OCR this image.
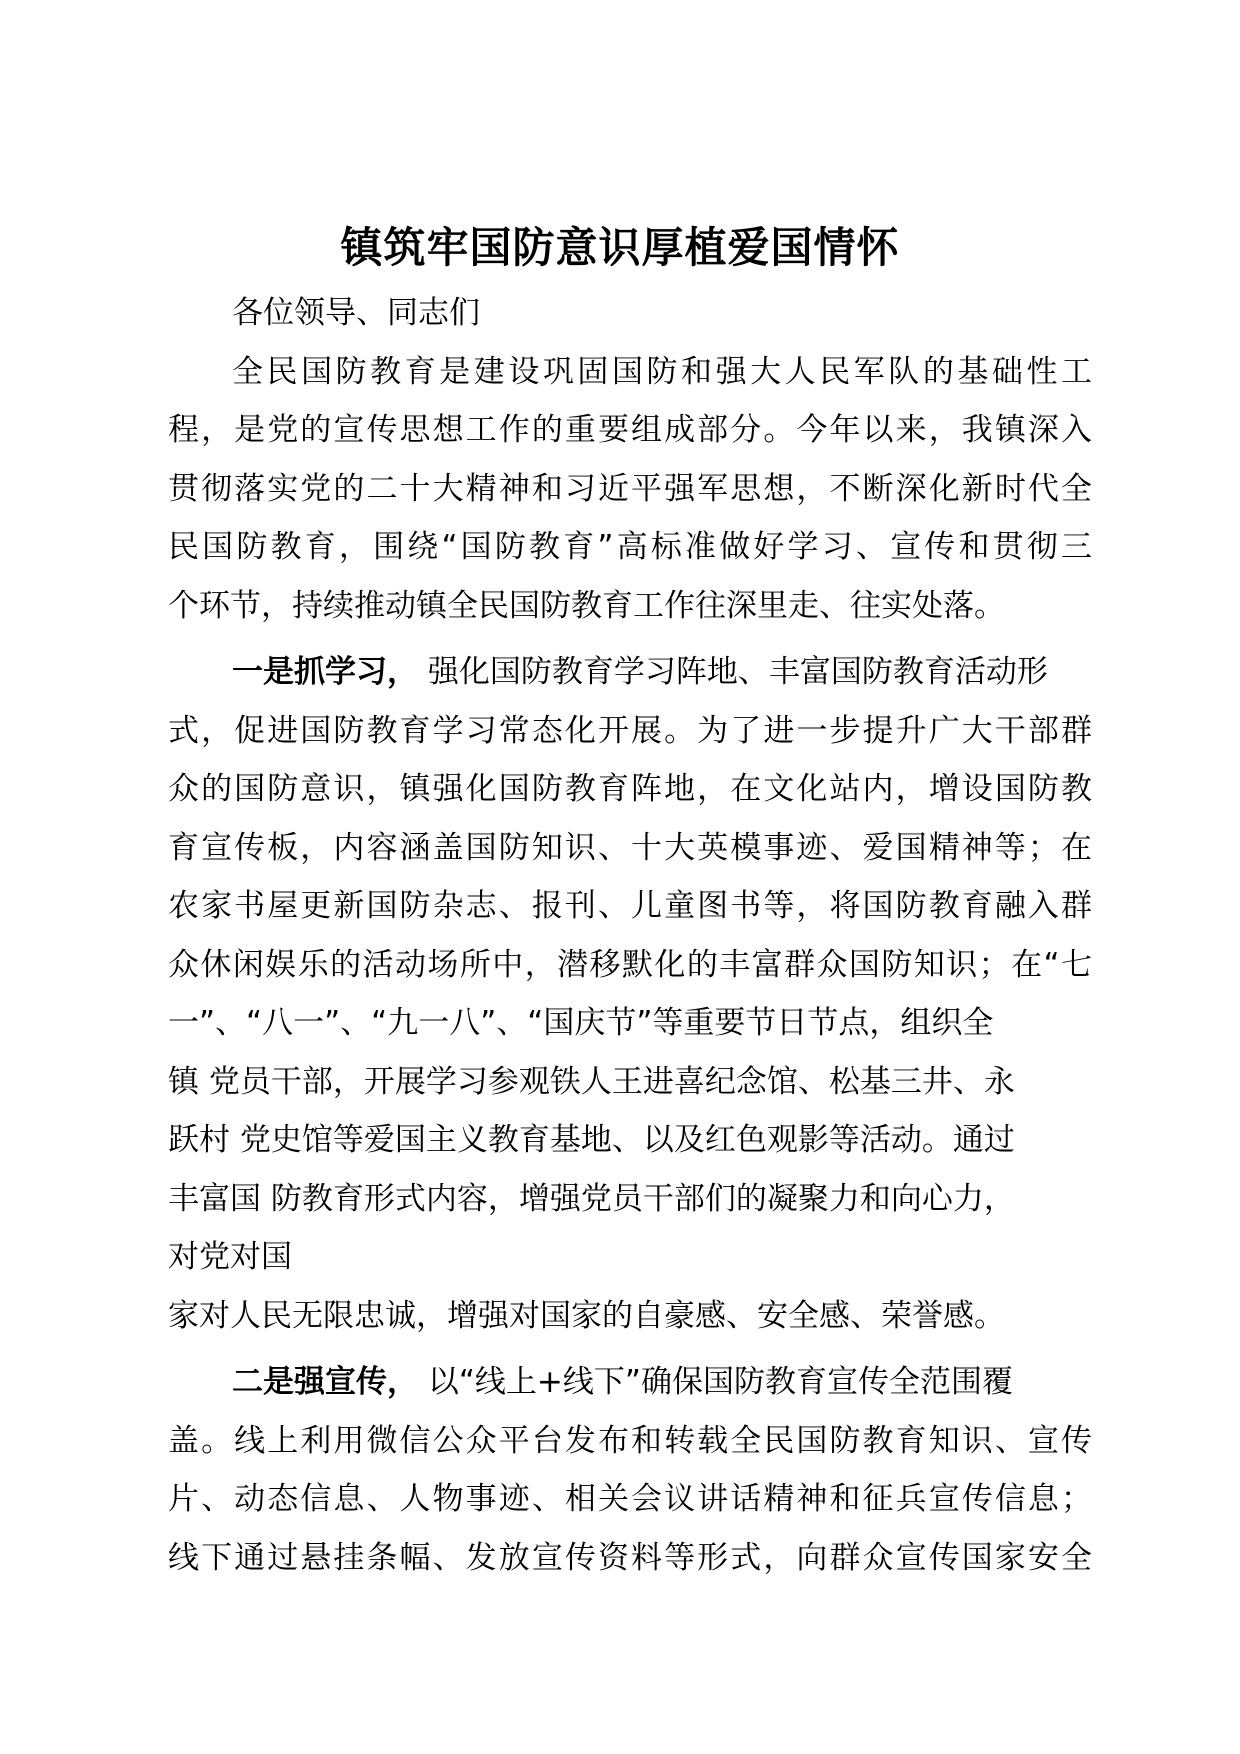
镇筑牢国防意识厚植爱国情怀
各位领导、同志们
全民国防教育是建设巩固国防和强大人民军队的基础性工
程，是党的宣传思想工作的重要组成部分。今年以来，我镇深入
贯彻落实党的二十大精神和习近平强军思想，不断深化新时代全
民国防教育，围绕“国防教育”高标准做好学习、宣传和贯彻三
个环节，持续推动镇全民国防教育工作往深里走、往实处落。
一是抓学习， 强化国防教育学习阵地、丰富国防教育活动形
式，促进国防教育学习常态化开展。为了进一步提升广大干部群
众的国防意识，镇强化国防教育阵地，在文化站内，增设国防教
育宣传板，内容涵盖国防知识、十大英模事迹、爱国精神等；在
农家书屋更新国防杂志、报刊、儿童图书等，将国防教育融入群
众休闲娱乐的活动场所中，潜移默化的丰富群众国防知识；在“七
一”、“八一”、“九一八”、“国庆节”等重要节日节点，组织全
镇 党员干部，开展学习参观铁人王进喜纪念馆、松基三井、永
跃村 党史馆等爱国主义教育基地、以及红色观影等活动。通过
丰富国 防教育形式内容，增强党员干部们的凝聚力和向心力，
对党对国
家对人民无限忠诚，增强对国家的自豪感、安全感、荣誉感。
二是强宣传， 以“线上+线下”确保国防教育宣传全范围覆
盖。线上利用微信公众平台发布和转载全民国防教育知识、宣传
片、动态信息、人物事迹、相关会议讲话精神和征兵宣传信息；
线下通过悬挂条幅、发放宣传资料等形式，向群众宣传国家安全
